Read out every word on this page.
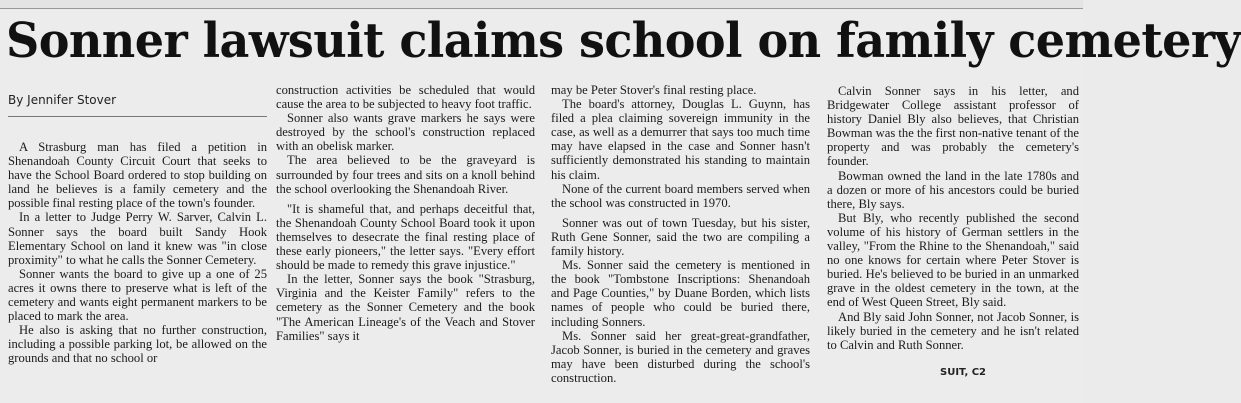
Sonner lawsuit claims school on family cemetery
By Jennifer Stover

A Strasburg man has filed a petition in Shenandoah County Circuit Court that seeks to have the School Board ordered to stop building on land he believes is a family cemetery and the possible final resting place of the town's founder.

In a letter to Judge Perry W. Sarver, Calvin L. Sonner says the board built Sandy Hook Elementary School on land it knew was "in close proximity" to what he calls the Sonner Cemetery.

Sonner wants the board to give up a one of 25 acres it owns there to preserve what is left of the cemetery and wants eight permanent markers to be placed to mark the area.

He also is asking that no further construction, including a possible parking lot, be allowed on the grounds and that no school or

construction activities be scheduled that would cause the area to be subjected to heavy foot traffic.

Sonner also wants grave markers he says were destroyed by the school's construction replaced with an obelisk marker.

The area believed to be the graveyard is surrounded by four trees and sits on a knoll behind the school overlooking the Shenandoah River.

"It is shameful that, and perhaps deceitful that, the Shenandoah County School Board took it upon themselves to desecrate the final resting place of these early pioneers," the letter says. "Every effort should be made to remedy this grave injustice."

In the letter, Sonner says the book "Strasburg, Virginia and the Keister Family" refers to the cemetery as the Sonner Cemetery and the book "The American Lineage's of the Veach and Stover Families" says it

may be Peter Stover's final resting place.

The board's attorney, Douglas L. Guynn, has filed a plea claiming sovereign immunity in the case, as well as a demurrer that says too much time may have elapsed in the case and Sonner hasn't sufficiently demonstrated his standing to maintain his claim.

None of the current board members served when the school was constructed in 1970.

Sonner was out of town Tuesday, but his sister, Ruth Gene Sonner, said the two are compiling a family history.

Ms. Sonner said the cemetery is mentioned in the book "Tombstone Inscriptions: Shenandoah and Page Counties," by Duane Borden, which lists names of people who could be buried there, including Sonners.

Ms. Sonner said her great-great-grandfather, Jacob Sonner, is buried in the cemetery and graves may have been disturbed during the school's construction.

Calvin Sonner says in his letter, and Bridgewater College assistant professor of history Daniel Bly also believes, that Christian Bowman was the the first non-native tenant of the property and was probably the cemetery's founder.

Bowman owned the land in the late 1780s and a dozen or more of his ancestors could be buried there, Bly says.

But Bly, who recently published the second volume of his history of German settlers in the valley, "From the Rhine to the Shenandoah," said no one knows for certain where Peter Stover is buried. He's believed to be buried in an unmarked grave in the oldest cemetery in the town, at the end of West Queen Street, Bly said.

And Bly said John Sonner, not Jacob Sonner, is likely buried in the cemetery and he isn't related to Calvin and Ruth Sonner.

SUIT, C2
